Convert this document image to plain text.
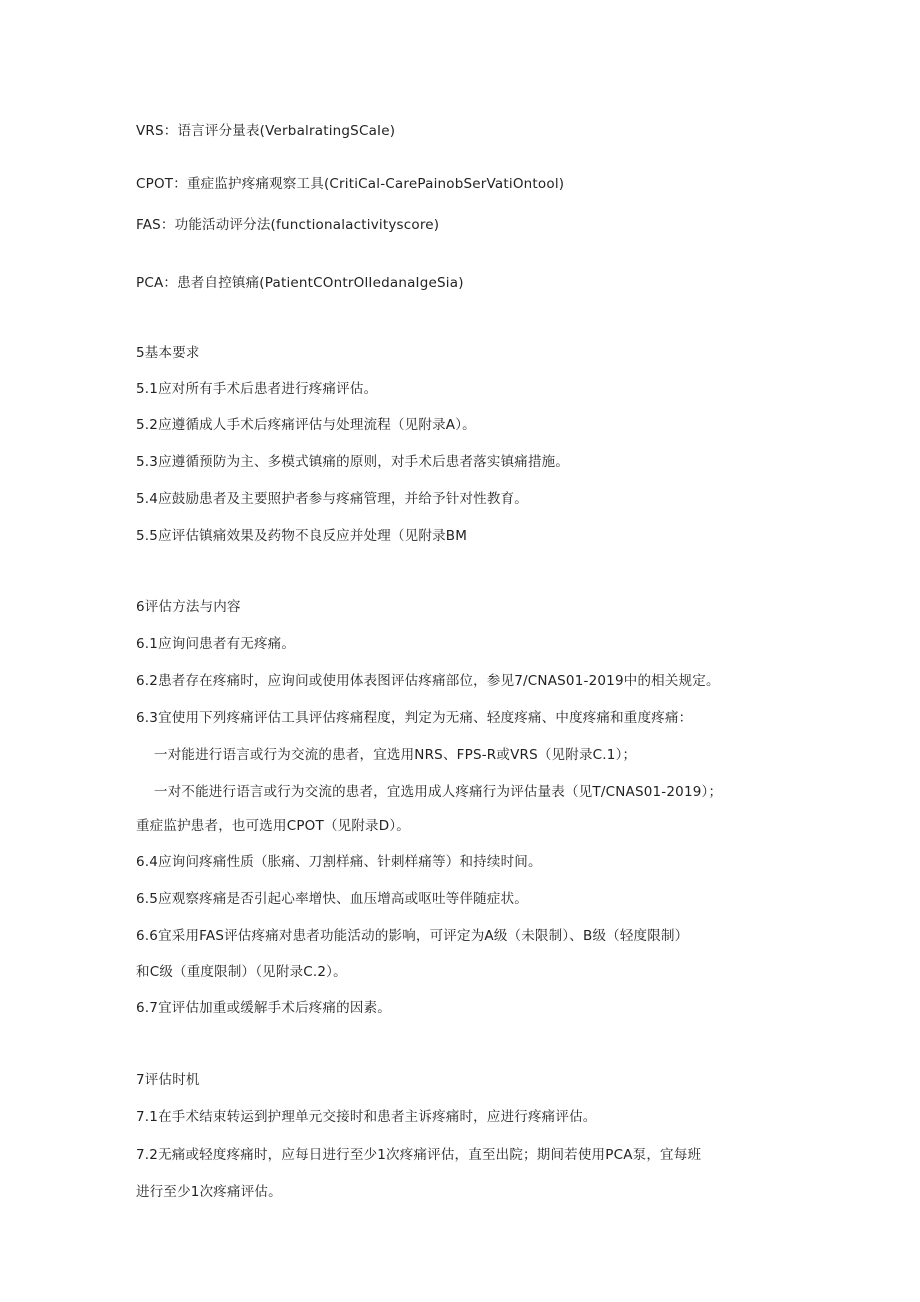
VRS：语言评分量表(VerbalratingSCaIe)
CPOT：重症监护疼痛观察工具(CritiCal-CarePainobSerVatiOntool)
FAS：功能活动评分法(functionalactivityscore)
PCA：患者自控镇痛(PatientCOntrOlIedanaIgeSia)
5基本要求
5.1应对所有手术后患者进行疼痛评估。
5.2应遵循成人手术后疼痛评估与处理流程（见附录A）。
5.3应遵循预防为主、多模式镇痛的原则，对手术后患者落实镇痛措施。
5.4应鼓励患者及主要照护者参与疼痛管理，并给予针对性教育。
5.5应评估镇痛效果及药物不良反应并处理（见附录BM
6评估方法与内容
6.1应询问患者有无疼痛。
6.2患者存在疼痛时，应询问或使用体表图评估疼痛部位，参见7/CNAS01-2019中的相关规定。
6.3宜使用下列疼痛评估工具评估疼痛程度，判定为无痛、轻度疼痛、中度疼痛和重度疼痛：
一对能进行语言或行为交流的患者，宜选用NRS、FPS-R或VRS（见附录C.1）；
一对不能进行语言或行为交流的患者，宜选用成人疼痛行为评估量表（见T/CNAS01-2019）；
重症监护患者，也可选用CPOT（见附录D）。
6.4应询问疼痛性质（胀痛、刀割样痛、针刺样痛等）和持续时间。
6.5应观察疼痛是否引起心率增快、血压增高或呕吐等伴随症状。
6.6宜采用FAS评估疼痛对患者功能活动的影响，可评定为A级（未限制）、B级（轻度限制）
和C级（重度限制）（见附录C.2）。
6.7宜评估加重或缓解手术后疼痛的因素。
7评估时机
7.1在手术结束转运到护理单元交接时和患者主诉疼痛时，应进行疼痛评估。
7.2无痛或轻度疼痛时，应每日进行至少1次疼痛评估，直至出院；期间若使用PCA泵，宜每班
进行至少1次疼痛评估。
